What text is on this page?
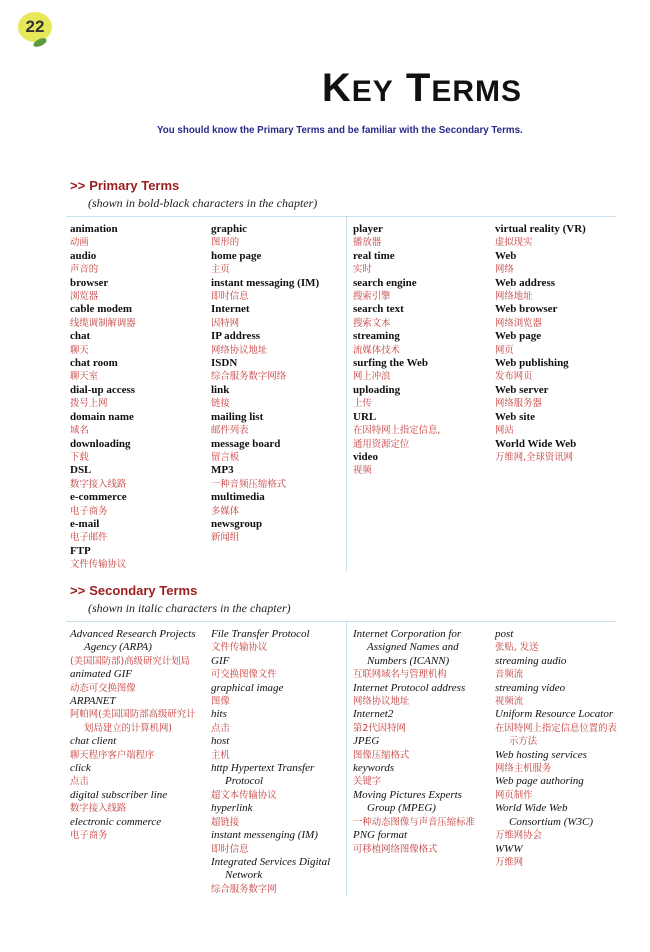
22
KEY TERMS
You should know the Primary Terms and be familiar with the Secondary Terms.
>> Primary Terms
(shown in bold-black characters in the chapter)
animation
动画
audio
声音的
browser
浏览器
cable modem
线缆调制解调器
chat
聊天
chat room
聊天室
dial-up access
拨号上网
domain name
域名
downloading
下载
DSL
数字接入线路
e-commerce
电子商务
e-mail
电子邮件
FTP
文件传输协议
graphic
图形的
home page
主页
instant messaging (IM)
即时信息
Internet
因特网
IP address
网络协议地址
ISDN
综合服务数字网络
link
链接
mailing list
邮件列表
message board
留言板
MP3
一种音频压缩格式
multimedia
多媒体
newsgroup
新闻组
player
播放器
real time
实时
search engine
搜索引擎
search text
搜索文本
streaming
流媒体技术
surfing the Web
网上冲浪
uploading
上传
URL
在因特网上指定信息,
通用资源定位
video
视频
virtual reality (VR)
虚拟现实
Web
网络
Web address
网络地址
Web browser
网络浏览器
Web page
网页
Web publishing
发布网页
Web server
网络服务器
Web site
网站
World Wide Web
万维网,全球资讯网
>> Secondary Terms
(shown in italic characters in the chapter)
Advanced Research Projects Agency (ARPA)
(美国国防部)高级研究计划局
animated GIF
动态可交换图像
ARPANET
阿帕网(美国国防部高级研究计划局建立的计算机网)
chat client
聊天程序客户端程序
click
点击
digital subscriber line
数字接入线路
electronic commerce
电子商务
File Transfer Protocol
文件传输协议
GIF
可交换图像文件
graphical image
图像
hits
点击
host
主机
http Hypertext Transfer Protocol
超文本传输协议
hyperlink
超链接
instant messenging (IM)
即时信息
Integrated Services Digital Network
综合服务数字网
Internet Corporation for Assigned Names and Numbers (ICANN)
互联网域名与管理机构
Internet Protocol address
网络协议地址
Internet2
第2代因特网
JPEG
图像压缩格式
keywords
关键字
Moving Pictures Experts Group (MPEG)
一种动态图像与声音压缩标准
PNG format
可移植网络图像格式
post
张贴, 发送
streaming audio
音频流
streaming video
视频流
Uniform Resource Locator
在因特网上指定信息位置的表示方法
Web hosting services
网络主机服务
Web page authoring
网页制作
World Wide Web Consortium (W3C)
万维网协会
WWW
万维网
